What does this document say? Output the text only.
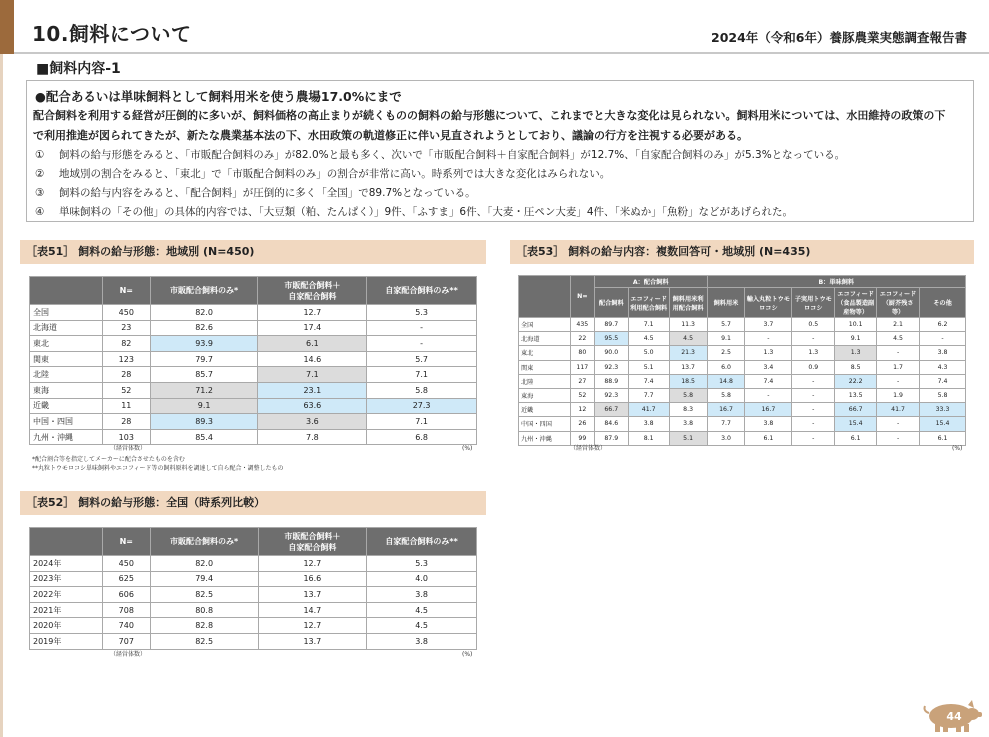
10.飼料について	2024年（令和6年）養豚農業実態調査報告書
■飼料内容-1
●配合あるいは単味飼料として飼料用米を使う農場17.0%にまで
配合飼料を利用する経営が圧倒的に多いが、飼料価格の高止まりが続くものの飼料の給与形態について、これまでと大きな変化は見られない。飼料用米については、水田維持の政策の下
で利用推進が図られてきたが、新たな農業基本法の下、水田政策の軌道修正に伴い見直されようとしており、議論の行方を注視する必要がある。
①	飼料の給与形態をみると、「市販配合飼料のみ」が82.0%と最も多く、次いで「市販配合飼料＋自家配合飼料」が12.7%、「自家配合飼料のみ」が5.3%となっている。
②	地域別の割合をみると、「東北」で「市販配合飼料のみ」の割合が非常に高い。時系列では大きな変化はみられない。
③	飼料の給与内容をみると、「配合飼料」が圧倒的に多く「全国」で89.7%となっている。
④	単味飼料の「その他」の具体的内容では、「大豆類（粕、たんぱく）」9件、「ふすま」6件、「大麦・圧ペン大麦」4件、「米ぬか」「魚粉」などがあげられた。
［表51］ 飼料の給与形態：地域別 (N=450)
	N=	市販配合飼料のみ*	市販配合飼料＋
自家配合飼料	自家配合飼料のみ**
全国	450	82.0	12.7	5.3
北海道	23	82.6	17.4	-
東北	82	93.9	6.1	-
関東	123	79.7	14.6	5.7
北陸	28	85.7	7.1	7.1
東海	52	71.2	23.1	5.8
近畿	11	9.1	63.6	27.3
中国・四国	28	89.3	3.6	7.1
九州・沖縄	103	85.4	7.8	6.8
（経営体数）	(%)
*配合割合等を指定してメーカーに配合させたものを含む
**丸粒トウモロコシ単味飼料やエコフィード等の飼料原料を調達して自ら配合・調整したもの
［表52］ 飼料の給与形態：全国（時系列比較）
	N=	市販配合飼料のみ*	市販配合飼料＋
自家配合飼料	自家配合飼料のみ**
2024年	450	82.0	12.7	5.3
2023年	625	79.4	16.6	4.0
2022年	606	82.5	13.7	3.8
2021年	708	80.8	14.7	4.5
2020年	740	82.8	12.7	4.5
2019年	707	82.5	13.7	3.8
（経営体数）	(%)
［表53］ 飼料の給与内容：複数回答可・地域別 (N=435)
	N=	A：配合飼料			B：単味飼料					
		配合飼料	エコフィード利用配合飼料	飼料用米利用配合飼料	飼料用米	輸入丸粒トウモロコシ	子実用トウモロコシ	エコフィード（食品製造副産物等）	エコフィード（厨芥残さ等）	その他
全国	435	89.7	7.1	11.3	5.7	3.7	0.5	10.1	2.1	6.2
北海道	22	95.5	4.5	4.5	9.1	-	-	9.1	4.5	-
東北	80	90.0	5.0	21.3	2.5	1.3	1.3	1.3	-	3.8
関東	117	92.3	5.1	13.7	6.0	3.4	0.9	8.5	1.7	4.3
北陸	27	88.9	7.4	18.5	14.8	7.4	-	22.2	-	7.4
東海	52	92.3	7.7	5.8	5.8	-	-	13.5	1.9	5.8
近畿	12	66.7	41.7	8.3	16.7	16.7	-	66.7	41.7	33.3
中国・四国	26	84.6	3.8	3.8	7.7	3.8	-	15.4	-	15.4
九州・沖縄	99	87.9	8.1	5.1	3.0	6.1	-	6.1	-	6.1
（経営体数）	(%)
44
